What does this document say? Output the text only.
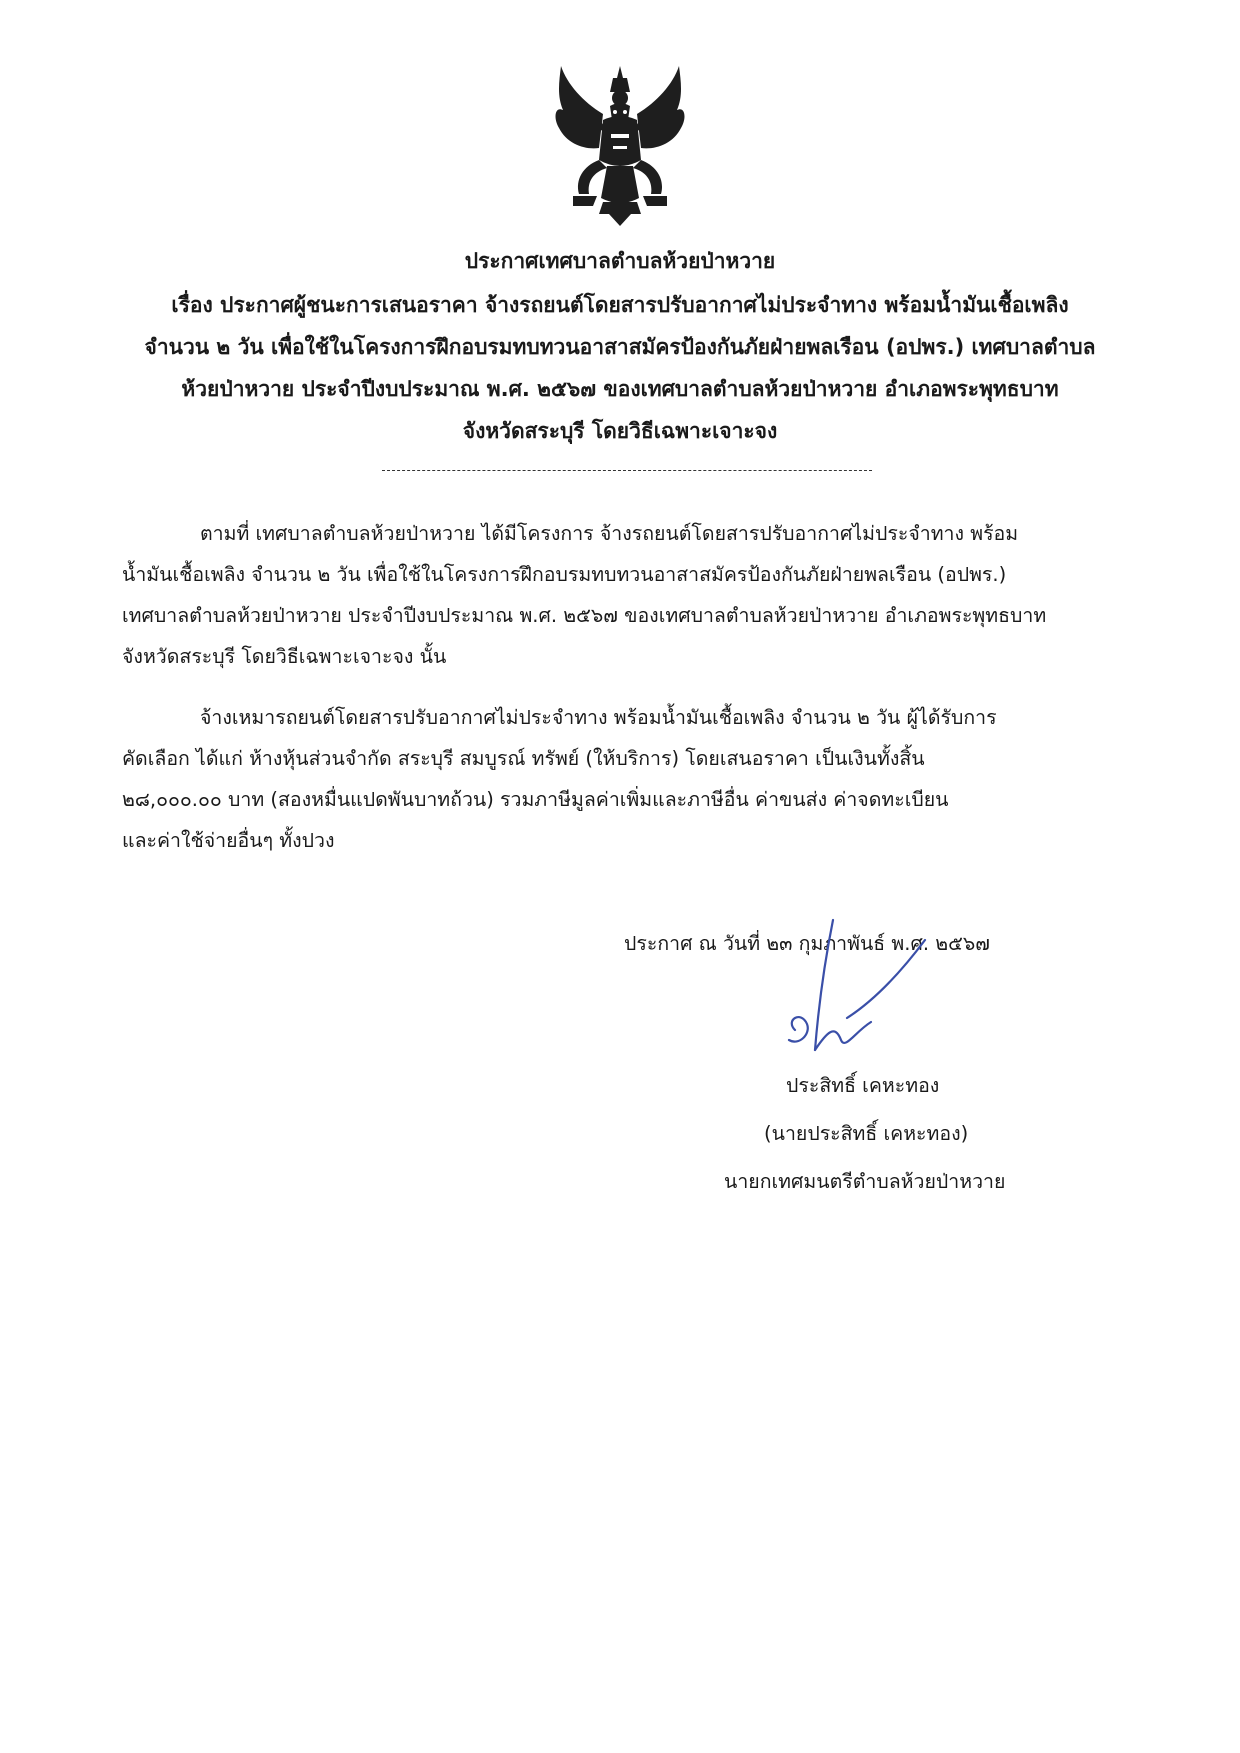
ประกาศเทศบาลตำบลห้วยป่าหวาย
เรื่อง ประกาศผู้ชนะการเสนอราคา จ้างรถยนต์โดยสารปรับอากาศไม่ประจำทาง พร้อมน้ำมันเชื้อเพลิง
จำนวน ๒ วัน เพื่อใช้ในโครงการฝึกอบรมทบทวนอาสาสมัครป้องกันภัยฝ่ายพลเรือน (อปพร.) เทศบาลตำบล
ห้วยป่าหวาย ประจำปีงบประมาณ พ.ศ. ๒๕๖๗ ของเทศบาลตำบลห้วยป่าหวาย อำเภอพระพุทธบาท
จังหวัดสระบุรี โดยวิธีเฉพาะเจาะจง
ตามที่ เทศบาลตำบลห้วยป่าหวาย ได้มีโครงการ จ้างรถยนต์โดยสารปรับอากาศไม่ประจำทาง พร้อม
น้ำมันเชื้อเพลิง จำนวน ๒ วัน เพื่อใช้ในโครงการฝึกอบรมทบทวนอาสาสมัครป้องกันภัยฝ่ายพลเรือน (อปพร.)
เทศบาลตำบลห้วยป่าหวาย ประจำปีงบประมาณ พ.ศ. ๒๕๖๗ ของเทศบาลตำบลห้วยป่าหวาย อำเภอพระพุทธบาท
จังหวัดสระบุรี โดยวิธีเฉพาะเจาะจง นั้น
จ้างเหมารถยนต์โดยสารปรับอากาศไม่ประจำทาง พร้อมน้ำมันเชื้อเพลิง จำนวน ๒ วัน ผู้ได้รับการ
คัดเลือก ได้แก่ ห้างหุ้นส่วนจำกัด สระบุรี สมบูรณ์ ทรัพย์ (ให้บริการ) โดยเสนอราคา เป็นเงินทั้งสิ้น
๒๘,๐๐๐.๐๐ บาท (สองหมื่นแปดพันบาทถ้วน) รวมภาษีมูลค่าเพิ่มและภาษีอื่น ค่าขนส่ง ค่าจดทะเบียน
และค่าใช้จ่ายอื่นๆ ทั้งปวง
ประกาศ ณ วันที่ ๒๓ กุมภาพันธ์ พ.ศ. ๒๕๖๗
ประสิทธิ์ เคหะทอง
(นายประสิทธิ์ เคหะทอง)
นายกเทศมนตรีตำบลห้วยป่าหวาย
